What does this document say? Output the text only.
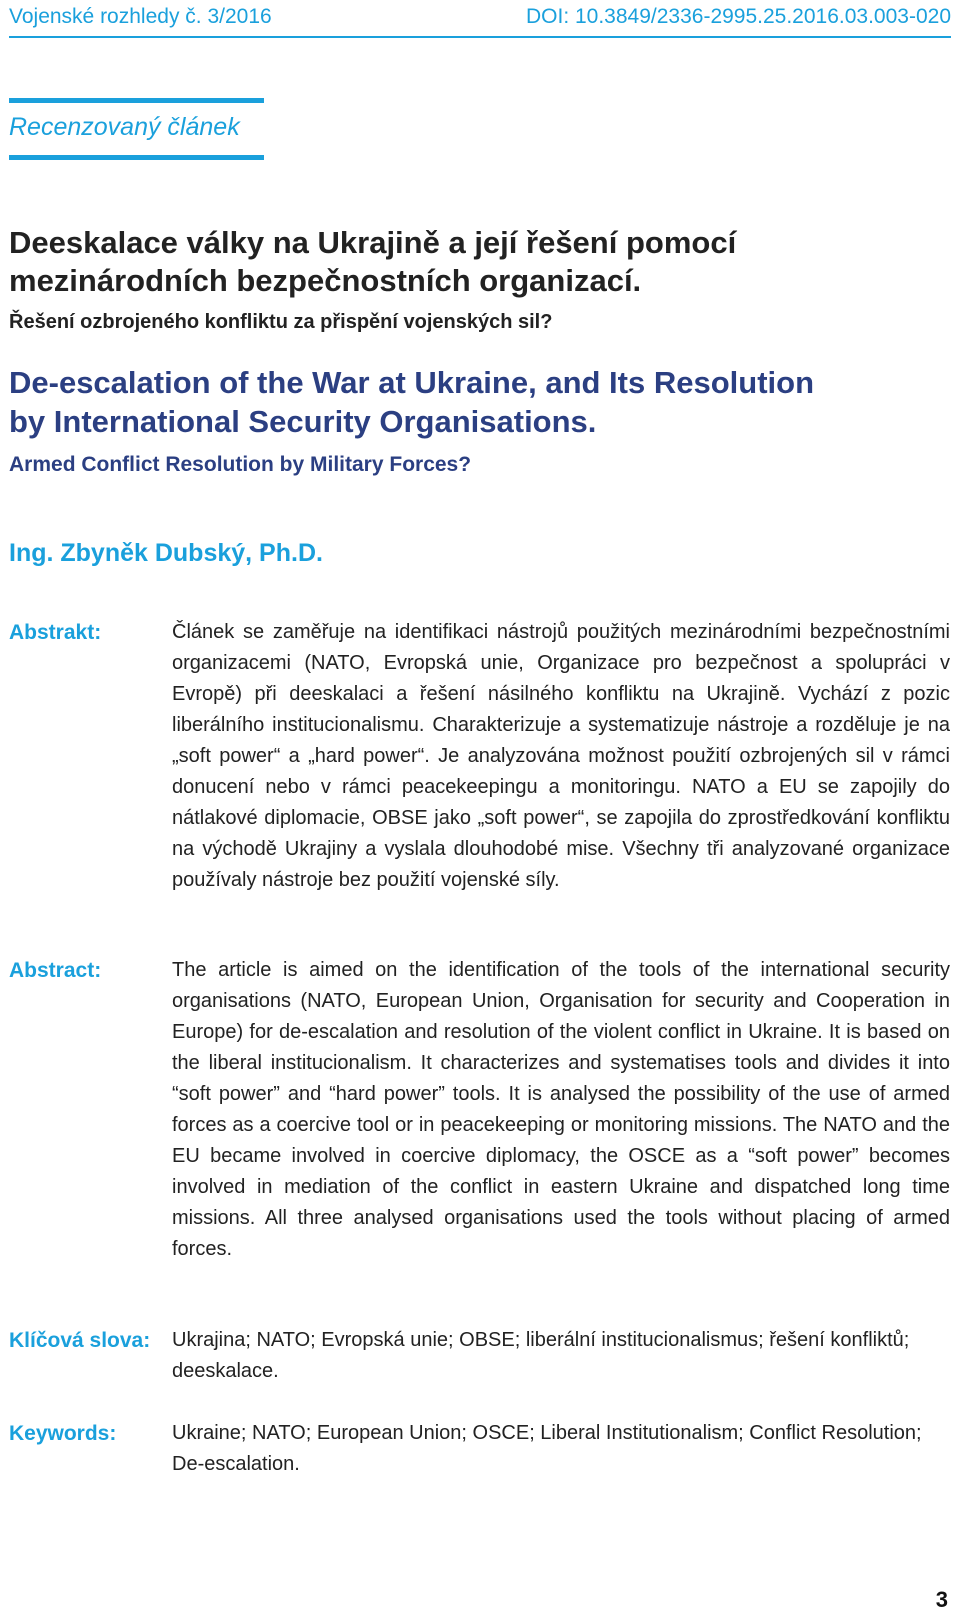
Vojenské rozhledy č. 3/2016	DOI: 10.3849/2336-2995.25.2016.03.003-020
Recenzovaný článek
Deeskalace války na Ukrajině a její řešení pomocí
mezinárodních bezpečnostních organizací.
Řešení ozbrojeného konfliktu za přispění vojenských sil?
De-escalation of the War at Ukraine, and Its Resolution
by International Security Organisations.
Armed Conflict Resolution by Military Forces?
Ing. Zbyněk Dubský, Ph.D.
Abstrakt:	Článek se zaměřuje na identifikaci nástrojů použitých mezinárodními bezpečnostními organizacemi (NATO, Evropská unie, Organizace pro bezpečnost a spolupráci v Evropě) při deeskalaci a řešení násilného konfliktu na Ukrajině. Vychází z pozic liberálního institucionalismu. Charakterizuje a systematizuje nástroje a rozděluje je na „soft power“ a „hard power“. Je analyzována možnost použití ozbrojených sil v rámci donucení nebo v rámci peacekeepingu a monitoringu. NATO a EU se zapojily do nátlakové diplomacie, OBSE jako „soft power“, se zapojila do zprostředkování konfliktu na východě Ukrajiny a vyslala dlouhodobé mise. Všechny tři analyzované organizace používaly nástroje bez použití vojenské síly.
Abstract:	The article is aimed on the identification of the tools of the international security organisations (NATO, European Union, Organisation for security and Cooperation in Europe) for de-escalation and resolution of the violent conflict in Ukraine. It is based on the liberal institucionalism. It characterizes and systematises tools and divides it into “soft power” and “hard power” tools. It is analysed the possibility of the use of armed forces as a coercive tool or in peacekeeping or monitoring missions. The NATO and the EU became involved in coercive diplomacy, the OSCE as a “soft power” becomes involved in mediation of the conflict in eastern Ukraine and dispatched long time missions. All three analysed organisations used the tools without placing of armed forces.
Klíčová slova: Ukrajina; NATO; Evropská unie; OBSE; liberální institucionalismus; řešení konfliktů; deeskalace.
Keywords:	Ukraine; NATO; European Union; OSCE; Liberal Institutionalism; Conflict Resolution; De-escalation.
3
